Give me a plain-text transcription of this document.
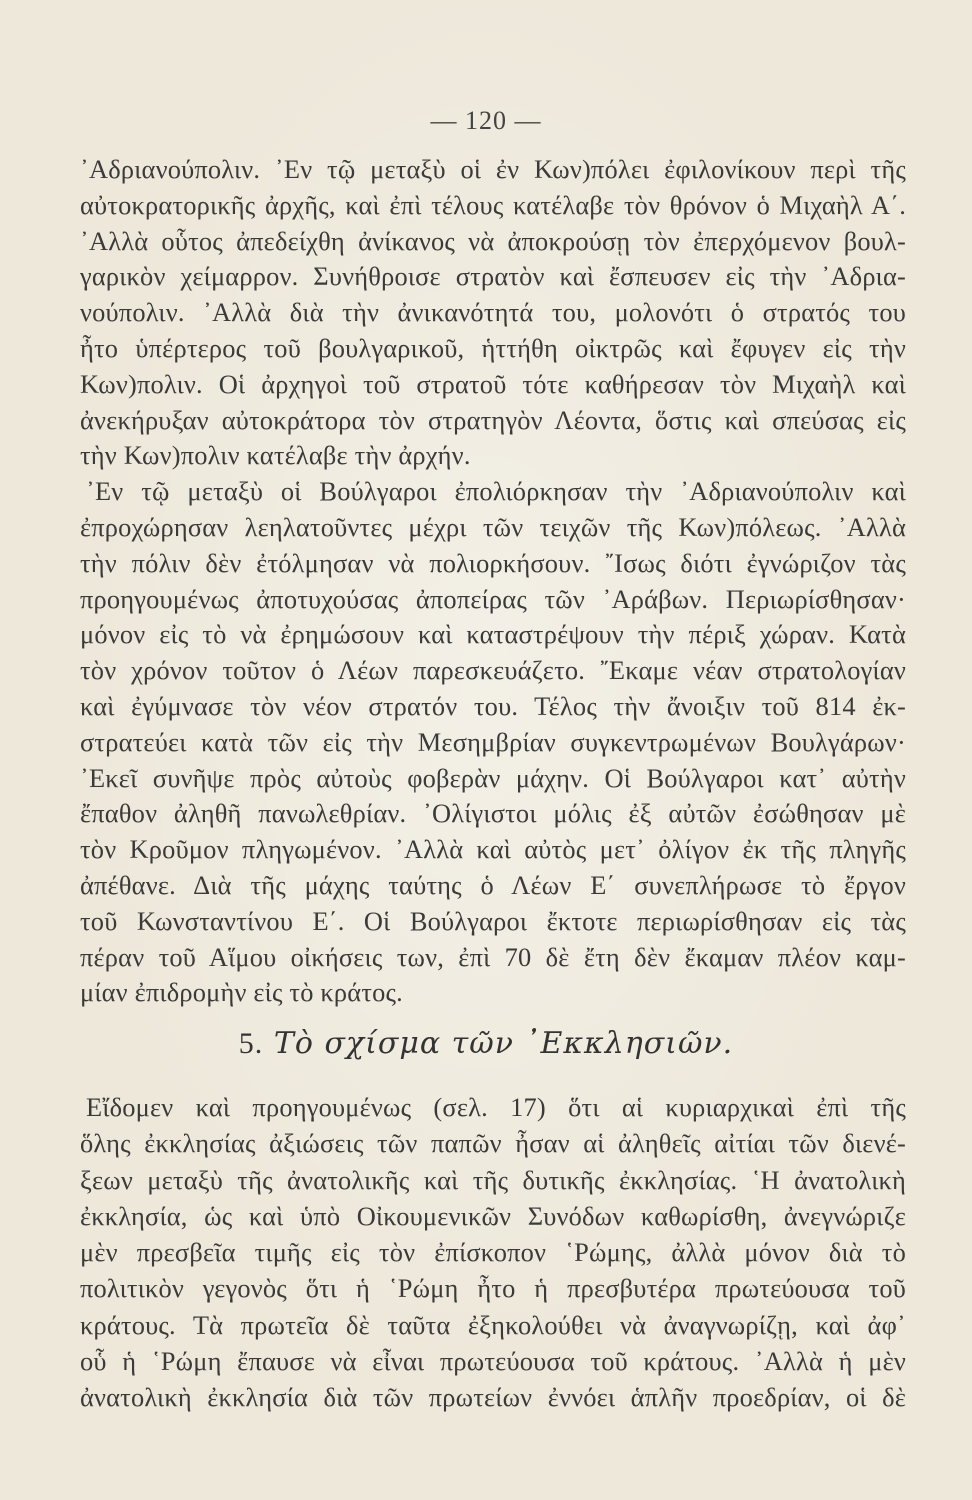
— 120 —
᾿Αδριανούπολιν. ᾿Εν τῷ μεταξὺ οἱ ἐν Κων)πόλει ἐφιλονίκουν περὶ τῆς
αὐτοκρατορικῆς ἀρχῆς, καὶ ἐπὶ τέλους κατέλαβε τὸν θρόνον ὁ Μιχαὴλ Α΄.
᾿Αλλὰ οὗτος ἀπεδείχθη ἀνίκανος νὰ ἀποκρούσῃ τὸν ἐπερχόμενον βουλ-
γαρικὸν χείμαρρον. Συνήθροισε στρατὸν καὶ ἔσπευσεν εἰς τὴν ᾿Αδρια-
νούπολιν. ᾿Αλλὰ διὰ τὴν ἀνικανότητά του, μολονότι ὁ στρατός του
ἦτο ὑπέρτερος τοῦ βουλγαρικοῦ, ἡττήθη οἰκτρῶς καὶ ἔφυγεν εἰς τὴν
Κων)πολιν. Οἱ ἀρχηγοὶ τοῦ στρατοῦ τότε καθήρεσαν τὸν Μιχαὴλ καὶ
ἀνεκήρυξαν αὐτοκράτορα τὸν στρατηγὸν Λέοντα, ὅστις καὶ σπεύσας εἰς
τὴν Κων)πολιν κατέλαβε τὴν ἀρχήν.
᾿Εν τῷ μεταξὺ οἱ Βούλγαροι ἐπολιόρκησαν τὴν ᾿Αδριανούπολιν καὶ
ἐπροχώρησαν λεηλατοῦντες μέχρι τῶν τειχῶν τῆς Κων)πόλεως. ᾿Αλλὰ
τὴν πόλιν δὲν ἐτόλμησαν νὰ πολιορκήσουν. ῎Ισως διότι ἐγνώριζον τὰς
προηγουμένως ἀποτυχούσας ἀποπείρας τῶν ᾿Αράβων. Περιωρίσθησαν·
μόνον εἰς τὸ νὰ ἐρημώσουν καὶ καταστρέψουν τὴν πέριξ χώραν. Κατὰ
τὸν χρόνον τοῦτον ὁ Λέων παρεσκευάζετο. ῎Εκαμε νέαν στρατολογίαν
καὶ ἐγύμνασε τὸν νέον στρατόν του. Τέλος τὴν ἄνοιξιν τοῦ 814 ἐκ-
στρατεύει κατὰ τῶν εἰς τὴν Μεσημβρίαν συγκεντρωμένων Βουλγάρων·
᾿Εκεῖ συνῆψε πρὸς αὐτοὺς φοβερὰν μάχην. Οἱ Βούλγαροι κατ᾿ αὐτὴν
ἔπαθον ἀληθῆ πανωλεθρίαν. ᾿Ολίγιστοι μόλις ἐξ αὐτῶν ἐσώθησαν μὲ
τὸν Κροῦμον πληγωμένον. ᾿Αλλὰ καὶ αὐτὸς μετ᾿ ὀλίγον ἐκ τῆς πληγῆς
ἀπέθανε. Διὰ τῆς μάχης ταύτης ὁ Λέων Ε΄ συνεπλήρωσε τὸ ἔργον
τοῦ Κωνσταντίνου Ε΄. Οἱ Βούλγαροι ἔκτοτε περιωρίσθησαν εἰς τὰς
πέραν τοῦ Αἵμου οἰκήσεις των, ἐπὶ 70 δὲ ἔτη δὲν ἔκαμαν πλέον καμ-
μίαν ἐπιδρομὴν εἰς τὸ κράτος.
5. Τὸ σχίσμα τῶν ᾿Εκκλησιῶν.
Εἴδομεν καὶ προηγουμένως (σελ. 17) ὅτι αἱ κυριαρχικαὶ ἐπὶ τῆς
ὅλης ἐκκλησίας ἀξιώσεις τῶν παπῶν ἦσαν αἱ ἀληθεῖς αἰτίαι τῶν διενέ-
ξεων μεταξὺ τῆς ἀνατολικῆς καὶ τῆς δυτικῆς ἐκκλησίας. ῾Η ἀνατολικὴ
ἐκκλησία, ὡς καὶ ὑπὸ Οἰκουμενικῶν Συνόδων καθωρίσθη, ἀνεγνώριζε
μὲν πρεσβεῖα τιμῆς εἰς τὸν ἐπίσκοπον ῾Ρώμης, ἀλλὰ μόνον διὰ τὸ
πολιτικὸν γεγονὸς ὅτι ἡ ῾Ρώμη ἦτο ἡ πρεσβυτέρα πρωτεύουσα τοῦ
κράτους. Τὰ πρωτεῖα δὲ ταῦτα ἐξηκολούθει νὰ ἀναγνωρίζῃ, καὶ ἀφ᾿
οὗ ἡ ῾Ρώμη ἔπαυσε νὰ εἶναι πρωτεύουσα τοῦ κράτους. ᾿Αλλὰ ἡ μὲν
ἀνατολικὴ ἐκκλησία διὰ τῶν πρωτείων ἐννόει ἁπλῆν προεδρίαν, οἱ δὲ
